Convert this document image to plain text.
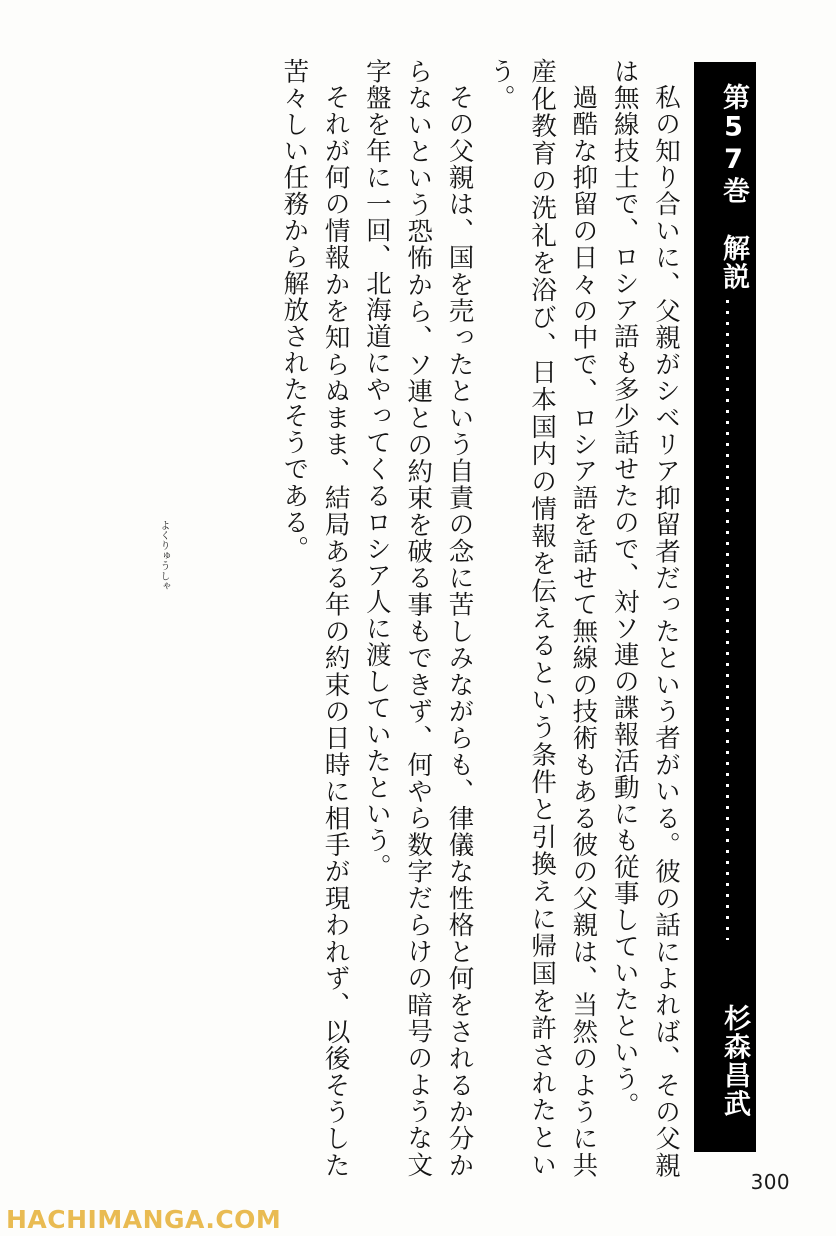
第57巻　解説
杉森昌武
よくりゅうしゃ	私の知り合いに、父親がシベリア抑留者だったという者がいる。彼の話によれば、その父親は無線技士で、ロシア語も多少話せたので、対ソ連の諜報活動にも従事していたという。

過酷な抑留の日々の中で、ロシア語を話せて無線の技術もある彼の父親は、当然のように共産化教育の洗礼を浴び、日本国内の情報を伝えるという条件と引換えに帰国を許されたという。

その父親は、国を売ったという自責の念に苦しみながらも、律儀な性格と何をされるか分からないという恐怖から、ソ連との約束を破る事もできず、何やら数字だらけの暗号のような文字盤を年に一回、北海道にやってくるロシア人に渡していたという。

それが何の情報かを知らぬまま、結局ある年の約束の日時に相手が現われず、以後そうした苦々しい任務から解放されたそうである。

300
HACHIMANGA.COM
